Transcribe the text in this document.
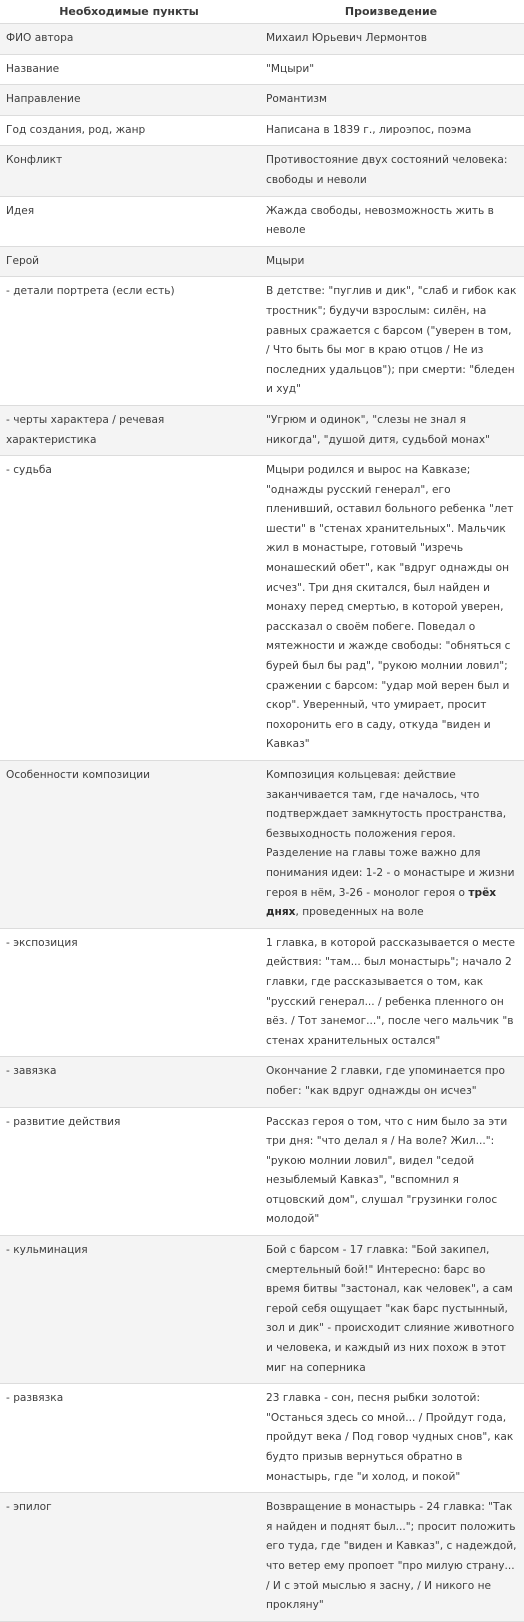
Необходимые пункты	Произведение
ФИО автора	Михаил Юрьевич Лермонтов
Название	"Мцыри"
Направление	Романтизм
Год создания, род, жанр	Написана в 1839 г., лироэпос, поэма
Конфликт	Противостояние двух состояний человека: свободы и неволи
Идея	Жажда свободы, невозможность жить в неволе
Герой	Мцыри
- детали портрета (если есть)	В детстве: "пуглив и дик", "слаб и гибок как тростник"; будучи взрослым: силён, на равных сражается с барсом ("уверен в том, / Что быть бы мог в краю отцов / Не из последних удальцов"); при смерти: "бледен и худ"
- черты характера / речевая характеристика	"Угрюм и одинок", "слезы не знал я никогда", "душой дитя, судьбой монах"
- судьба	Мцыри родился и вырос на Кавказе; "однажды русский генерал", его пленивший, оставил больного ребенка "лет шести" в "стенах хранительных". Мальчик жил в монастыре, готовый "изречь монашеский обет", как "вдруг однажды он исчез". Три дня скитался, был найден и монаху перед смертью, в которой уверен, рассказал о своём побеге. Поведал о мятежности и жажде свободы: "обняться с бурей был бы рад", "рукою молнии ловил"; сражении с барсом: "удар мой верен был и скор". Уверенный, что умирает, просит похоронить его в саду, откуда "виден и Кавказ"
Особенности композиции	Композиция кольцевая: действие заканчивается там, где началось, что подтверждает замкнутость пространства, безвыходность положения героя. Разделение на главы тоже важно для понимания идеи: 1-2 - о монастыре и жизни героя в нём, 3-26 - монолог героя о трёх днях, проведенных на воле
- экспозиция	1 главка, в которой рассказывается о месте действия: "там... был монастырь"; начало 2 главки, где рассказывается о том, как "русский генерал... / ребенка пленного он вёз. / Тот занемог...", после чего мальчик "в стенах хранительных остался"
- завязка	Окончание 2 главки, где упоминается про побег: "как вдруг однажды он исчез"
- развитие действия	Рассказ героя о том, что с ним было за эти три дня: "что делал я / На воле? Жил...": "рукою молнии ловил", видел "седой незыблемый Кавказ", "вспомнил я отцовский дом", слушал "грузинки голос молодой"
- кульминация	Бой с барсом - 17 главка: "Бой закипел, смертельный бой!" Интересно: барс во время битвы "застонал, как человек", а сам герой себя ощущает "как барс пустынный, зол и дик" - происходит слияние животного и человека, и каждый из них похож в этот миг на соперника
- развязка	23 главка - сон, песня рыбки золотой: "Останься здесь со мной... / Пройдут года, пройдут века / Под говор чудных снов", как будто призыв вернуться обратно в монастырь, где "и холод, и покой"
- эпилог	Возвращение в монастырь - 24 главка: "Так я найден и поднят был..."; просит положить его туда, где "виден и Кавказ", с надеждой, что ветер ему пропоет "про милую страну... / И с этой мыслью я засну, / И никого не прокляну"
